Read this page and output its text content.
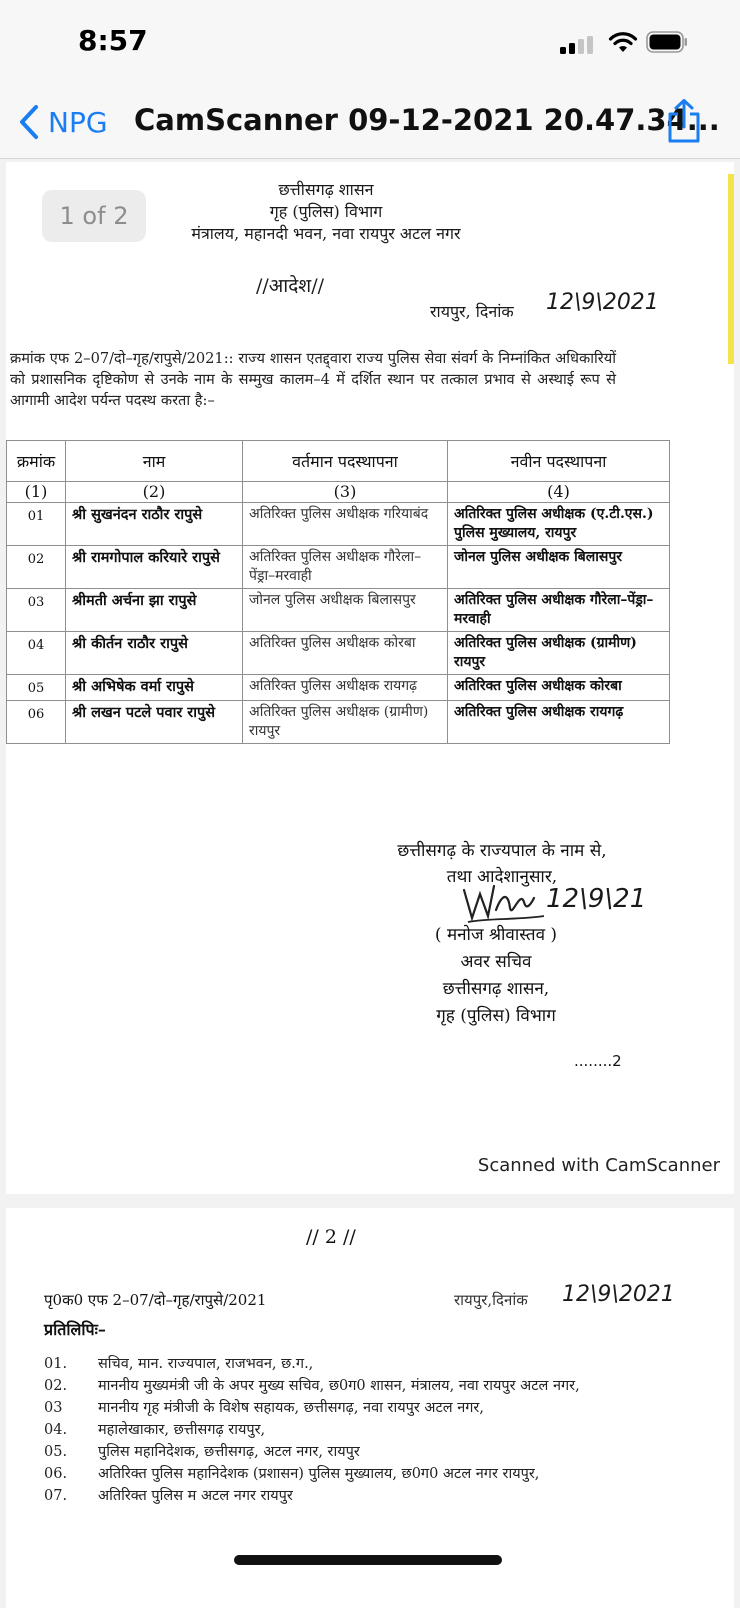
8:57
NPG CamScanner 09-12-2021 20.47.34...
1 of 2
छत्तीसगढ़ शासन
गृह (पुलिस) विभाग
मंत्रालय, महानदी भवन, नवा रायपुर अटल नगर
//आदेश//
रायपुर, दिनांक 12\9\2021
क्रमांक एफ 2–07/दो–गृह/रापुसे/2021:: राज्य शासन एतद्द्वारा राज्य पुलिस सेवा संवर्ग के निम्नांकित अधिकारियों को प्रशासनिक दृष्टिकोण से उनके नाम के सम्मुख कालम–4 में दर्शित स्थान पर तत्काल प्रभाव से अस्थाई रूप से आगामी आदेश पर्यन्त पदस्थ करता है:–
क्रमांक	नाम	वर्तमान पदस्थापना	नवीन पदस्थापना
(1)	(2)	(3)	(4)
01	श्री सुखनंदन राठौर रापुसे	अतिरिक्त पुलिस अधीक्षक गरियाबंद	अतिरिक्त पुलिस अधीक्षक (ए.टी.एस.) पुलिस मुख्यालय, रायपुर
02	श्री रामगोपाल करियारे रापुसे	अतिरिक्त पुलिस अधीक्षक गौरेला–पेंड्रा–मरवाही	जोनल पुलिस अधीक्षक बिलासपुर
03	श्रीमती अर्चना झा रापुसे	जोनल पुलिस अधीक्षक बिलासपुर	अतिरिक्त पुलिस अधीक्षक गौरेला–पेंड्रा–मरवाही
04	श्री कीर्तन राठौर रापुसे	अतिरिक्त पुलिस अधीक्षक कोरबा	अतिरिक्त पुलिस अधीक्षक (ग्रामीण) रायपुर
05	श्री अभिषेक वर्मा रापुसे	अतिरिक्त पुलिस अधीक्षक रायगढ़	अतिरिक्त पुलिस अधीक्षक कोरबा
06	श्री लखन पटले पवार रापुसे	अतिरिक्त पुलिस अधीक्षक (ग्रामीण) रायपुर	अतिरिक्त पुलिस अधीक्षक रायगढ़
छत्तीसगढ़ के राज्यपाल के नाम से,
तथा आदेशानुसार,
12\9\21
( मनोज श्रीवास्तव )
अवर सचिव
छत्तीसगढ़ शासन,
गृह (पुलिस) विभाग
........2
Scanned with CamScanner
// 2 //
पृ0क0 एफ 2–07/दो–गृह/रापुसे/2021	रायपुर,दिनांक 12\9\2021
प्रतिलिपिः–
01.	सचिव, मान. राज्यपाल, राजभवन, छ.ग.,
02.	माननीय मुख्यमंत्री जी के अपर मुख्य सचिव, छ0ग0 शासन, मंत्रालय, नवा रायपुर अटल नगर,
03	माननीय गृह मंत्रीजी के विशेष सहायक, छत्तीसगढ़, नवा रायपुर अटल नगर,
04.	महालेखाकार, छत्तीसगढ़ रायपुर,
05.	पुलिस महानिदेशक, छत्तीसगढ़, अटल नगर, रायपुर
06.	अतिरिक्त पुलिस महानिदेशक (प्रशासन) पुलिस मुख्यालय, छ0ग0 अटल नगर रायपुर,
07.	अतिरिक्त पुलिस म अटल नगर रायपुर
